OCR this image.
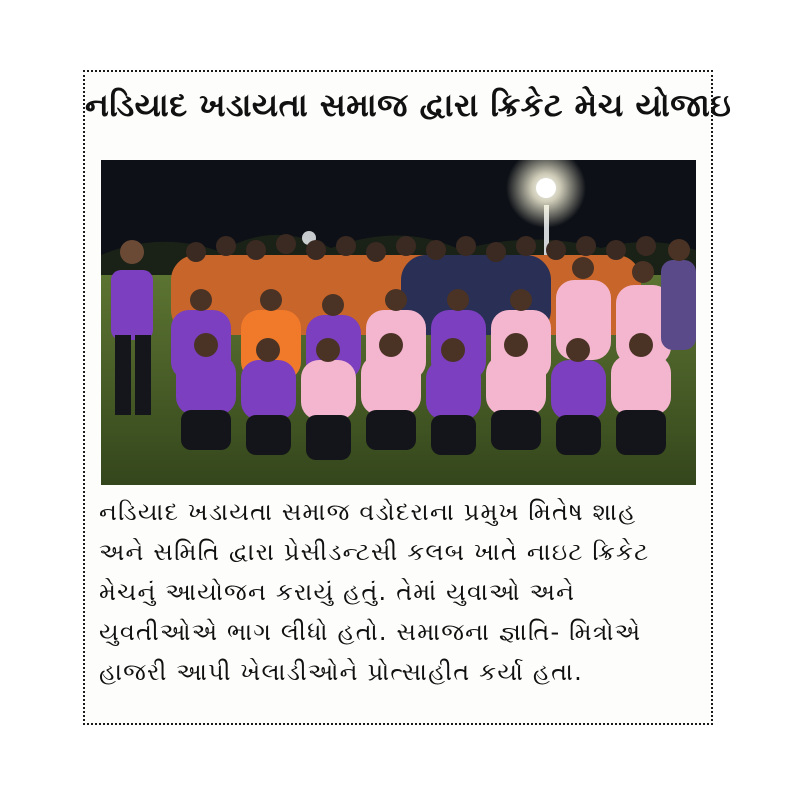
નડિયાદ ખડાયતા સમાજ દ્વારા ક્રિકેટ મેચ યોજાઇ
નડિયાદ ખડાયતા સમાજ વડોદરાના પ્રમુખ મિતેષ શાહ
અને સમિતિ દ્વારા પ્રેસીડન્ટસી કલબ ખાતે નાઇટ ક્રિકેટ
મેચનું આયોજન કરાયું હતું. તેમાં યુવાઓ અને
યુવતીઓએ ભાગ લીધો હતો. સમાજના જ્ઞાતિ- મિત્રોએ
હાજરી આપી ખેલાડીઓને પ્રોત્સાહીત કર્યા હતા.
